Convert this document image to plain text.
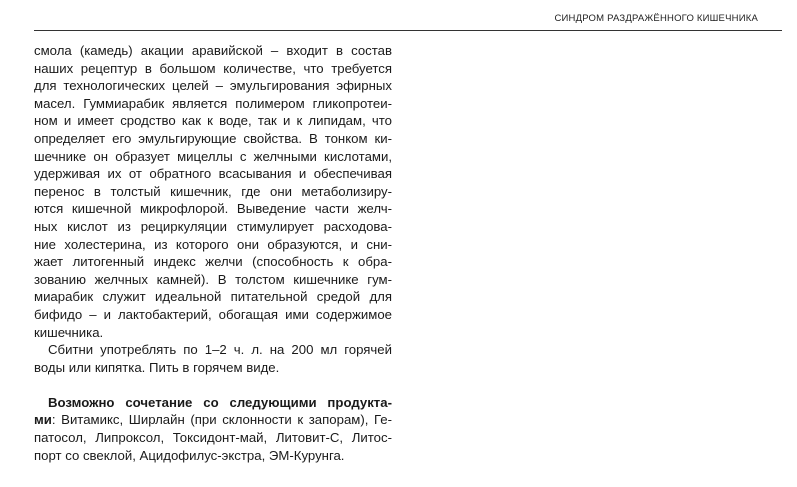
СИНДРОМ РАЗДРАЖЁННОГО КИШЕЧНИКА
смола (камедь) акации аравийской – входит в состав
наших рецептур в большом количестве, что требуется
для технологических целей – эмульгирования эфирных
масел. Гуммиарабик является полимером гликопротеи-
ном и имеет сродство как к воде, так и к липидам, что
определяет его эмульгирующие свойства. В тонком ки-
шечнике он образует мицеллы с желчными кислотами,
удерживая их от обратного всасывания и обеспечивая
перенос в толстый кишечник, где они метаболизиру-
ются кишечной микрофлорой. Выведение части желч-
ных кислот из рециркуляции стимулирует расходова-
ние холестерина, из которого они образуются, и сни-
жает литогенный индекс желчи (способность к обра-
зованию желчных камней). В толстом кишечнике гум-
миарабик служит идеальной питательной средой для
бифидо – и лактобактерий, обогащая ими содержимое
кишечника.
Сбитни употреблять по 1–2 ч. л. на 200 мл горячей
воды или кипятка. Пить в горячем виде.
Возможно сочетание со следующими продукта-
ми: Витамикс, Ширлайн (при склонности к запорам), Ге-
патосол, Липроксол, Токсидонт-май, Литовит-С, Литос-
порт со свеклой, Ацидофилус-экстра, ЭМ-Курунга.
